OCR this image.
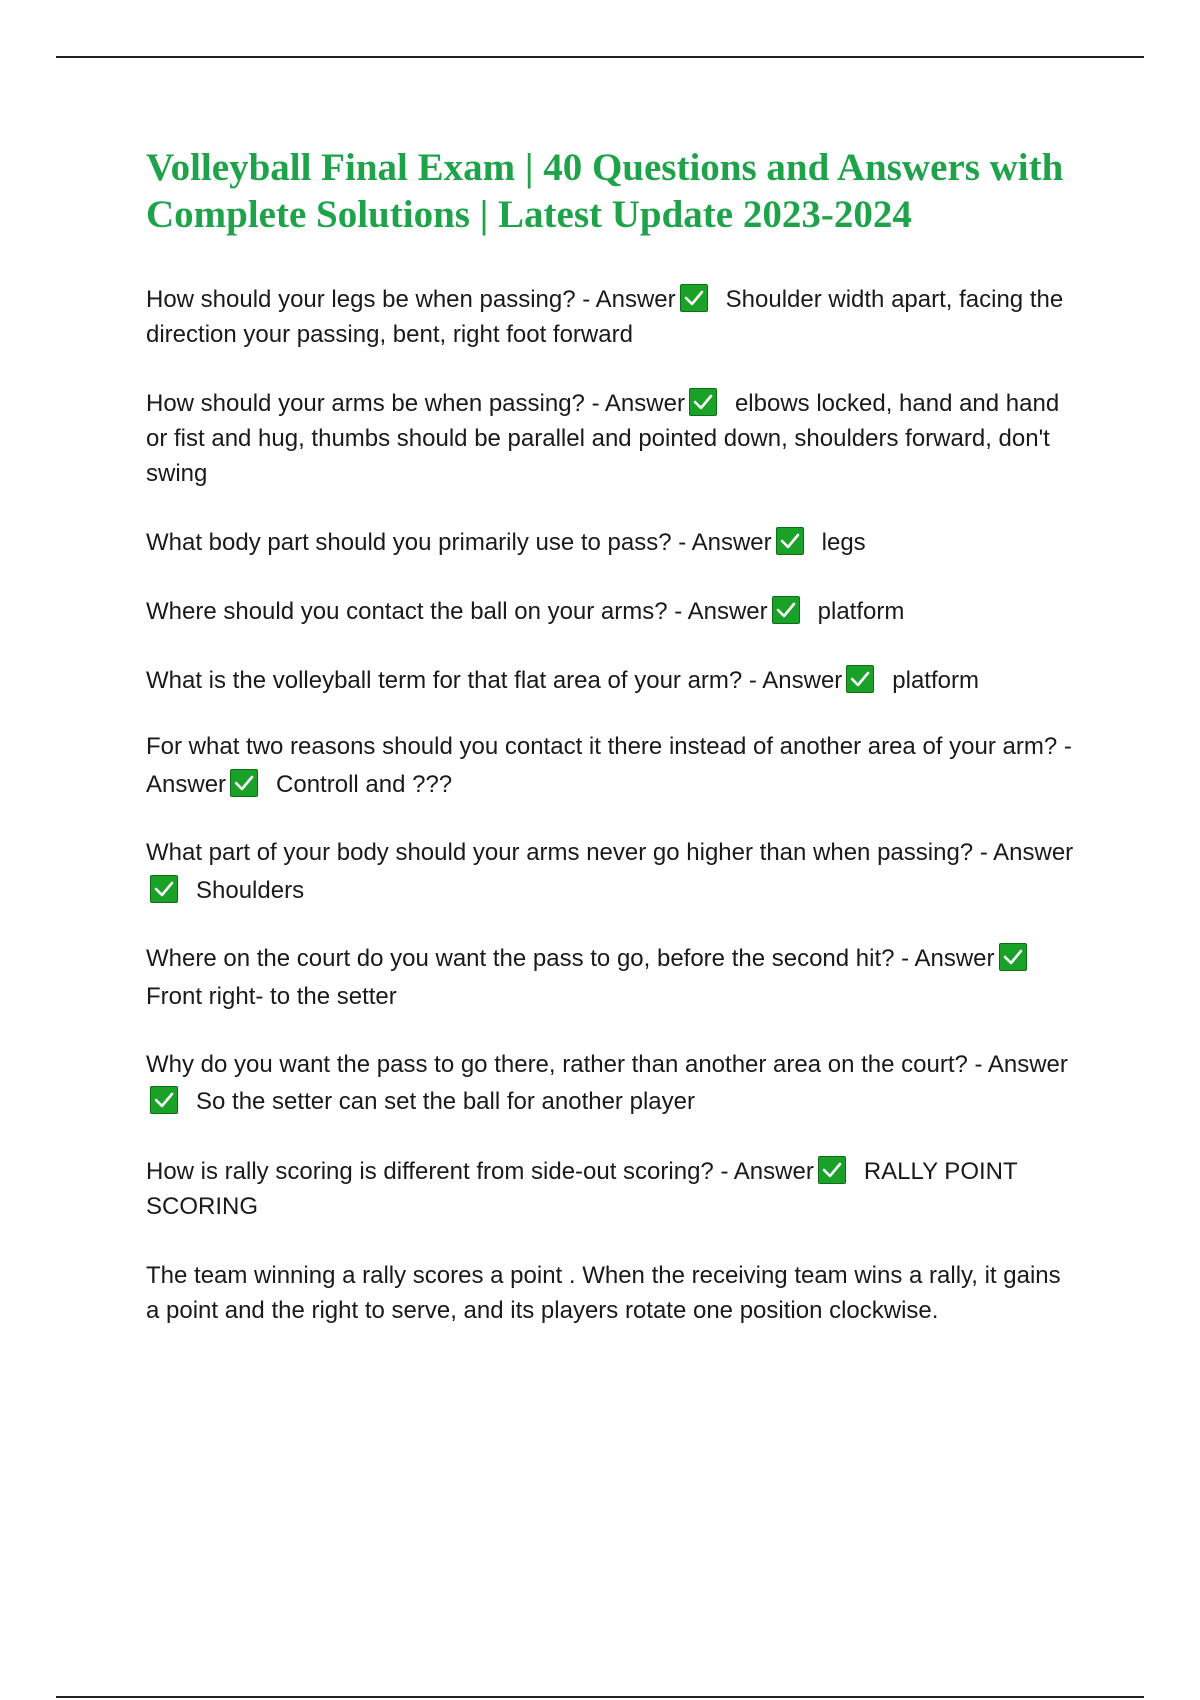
Volleyball Final Exam | 40 Questions and Answers with Complete Solutions | Latest Update 2023-2024

How should your legs be when passing? - Answer Shoulder width apart, facing the direction your passing, bent, right foot forward

How should your arms be when passing? - Answer elbows locked, hand and hand or fist and hug, thumbs should be parallel and pointed down, shoulders forward, don't swing

What body part should you primarily use to pass? - Answer legs

Where should you contact the ball on your arms? - Answer platform

What is the volleyball term for that flat area of your arm? - Answer platform

For what two reasons should you contact it there instead of another area of your arm? - Answer Controll and ???

What part of your body should your arms never go higher than when passing? - Answer
Shoulders

Where on the court do you want the pass to go, before the second hit? - Answer
Front right- to the setter

Why do you want the pass to go there, rather than another area on the court? - Answer
So the setter can set the ball for another player

How is rally scoring is different from side-out scoring? - Answer RALLY POINT SCORING

The team winning a rally scores a point . When the receiving team wins a rally, it gains a point and the right to serve, and its players rotate one position clockwise.
